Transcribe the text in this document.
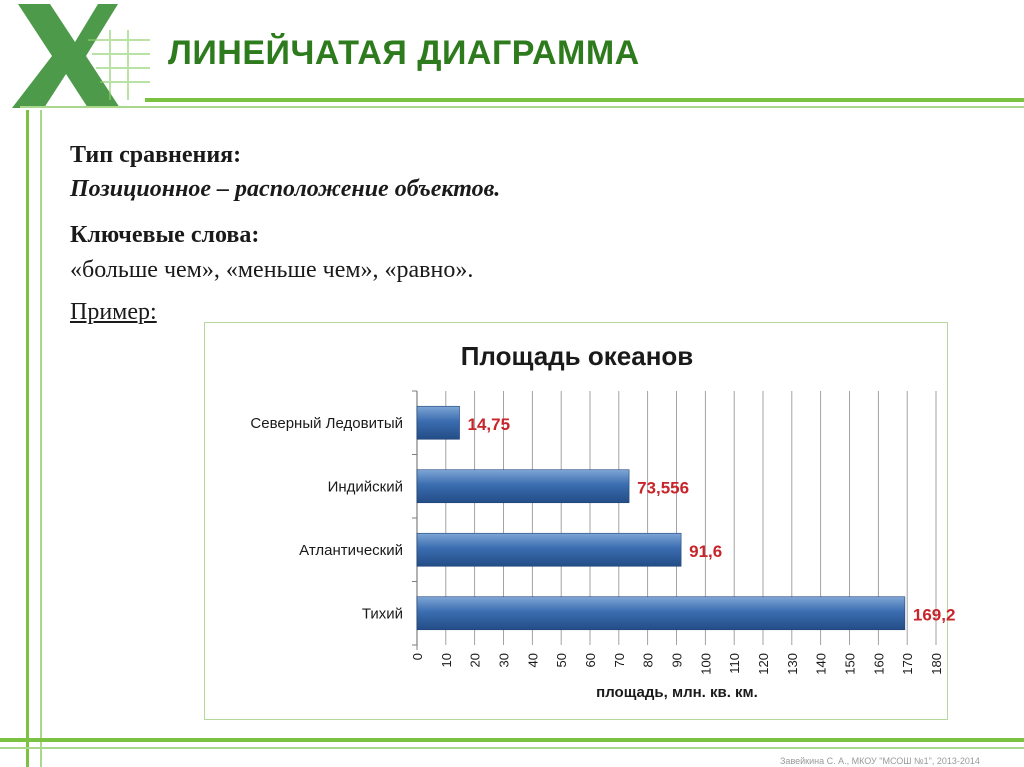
ЛИНЕЙЧАТАЯ ДИАГРАММА
Тип сравнения:
Позиционное – расположение объектов.
Ключевые слова:
«больше чем», «меньше чем», «равно».
Пример:
Площадь океанов
Северный Ледовитый
Индийский
Атлантический
Тихий
0 10 20 30 40 50 60 70 80 90 100 110 120 130 140 150 160 170 180
14,75
73,556
91,6
169,2
площадь, млн. кв. км.
Завейкина С. А., МКОУ "МСОШ №1", 2013-2014
